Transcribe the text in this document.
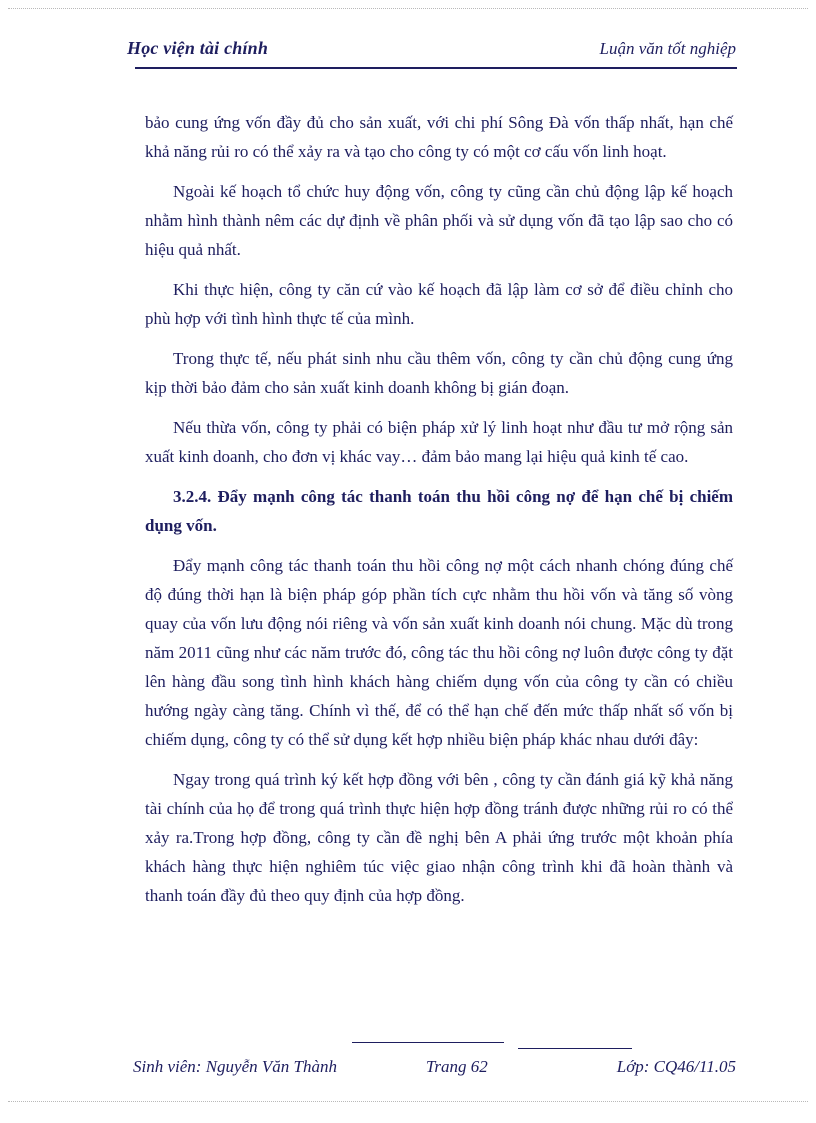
Học viện tài chính	Luận văn tốt nghiệp

bảo cung ứng vốn đầy đủ cho sản xuất, với chi phí Sông Đà vốn thấp nhất, hạn chế khả năng rủi ro có thể xảy ra và tạo cho công ty có một cơ cấu vốn linh hoạt.

Ngoài kế hoạch tổ chức huy động vốn, công ty cũng cần chủ động lập kế hoạch nhằm hình thành nêm các dự định về phân phối và sử dụng vốn đã tạo lập sao cho có hiệu quả nhất.

Khi thực hiện, công ty căn cứ vào kế hoạch đã lập làm cơ sở để điều chỉnh cho phù hợp với tình hình thực tế của mình.

Trong thực tế, nếu phát sinh nhu cầu thêm vốn, công ty cần chủ động cung ứng kịp thời bảo đảm cho sản xuất kinh doanh không bị gián đoạn.

Nếu thừa vốn, công ty phải có biện pháp xử lý linh hoạt như đầu tư mở rộng sản xuất kinh doanh, cho đơn vị khác vay… đảm bảo mang lại hiệu quả kinh tế cao.

3.2.4. Đẩy mạnh công tác thanh toán thu hồi công nợ để hạn chế bị chiếm dụng vốn.

Đẩy mạnh công tác thanh toán thu hồi công nợ một cách nhanh chóng đúng chế độ đúng thời hạn là biện pháp góp phần tích cực nhằm thu hồi vốn và tăng số vòng quay của vốn lưu động nói riêng và vốn sản xuất kinh doanh nói chung. Mặc dù trong năm 2011 cũng như các năm trước đó, công tác thu hồi công nợ luôn được công ty đặt lên hàng đầu song tình hình khách hàng chiếm dụng vốn của công ty cần có chiều hướng ngày càng tăng. Chính vì thế, để có thể hạn chế đến mức thấp nhất số vốn bị chiếm dụng, công ty có thể sử dụng kết hợp nhiều biện pháp khác nhau dưới đây:

Ngay trong quá trình ký kết hợp đồng với bên , công ty cần đánh giá kỹ khả năng tài chính của họ để trong quá trình thực hiện hợp đồng tránh được những rủi ro có thể xảy ra.Trong hợp đồng, công ty cần đề nghị bên A phải ứng trước một khoản phía khách hàng thực hiện nghiêm túc việc giao nhận công trình khi đã hoàn thành và thanh toán đầy đủ theo quy định của hợp đồng.

Sinh viên: Nguyễn Văn Thành	Trang 62	Lớp: CQ46/11.05
